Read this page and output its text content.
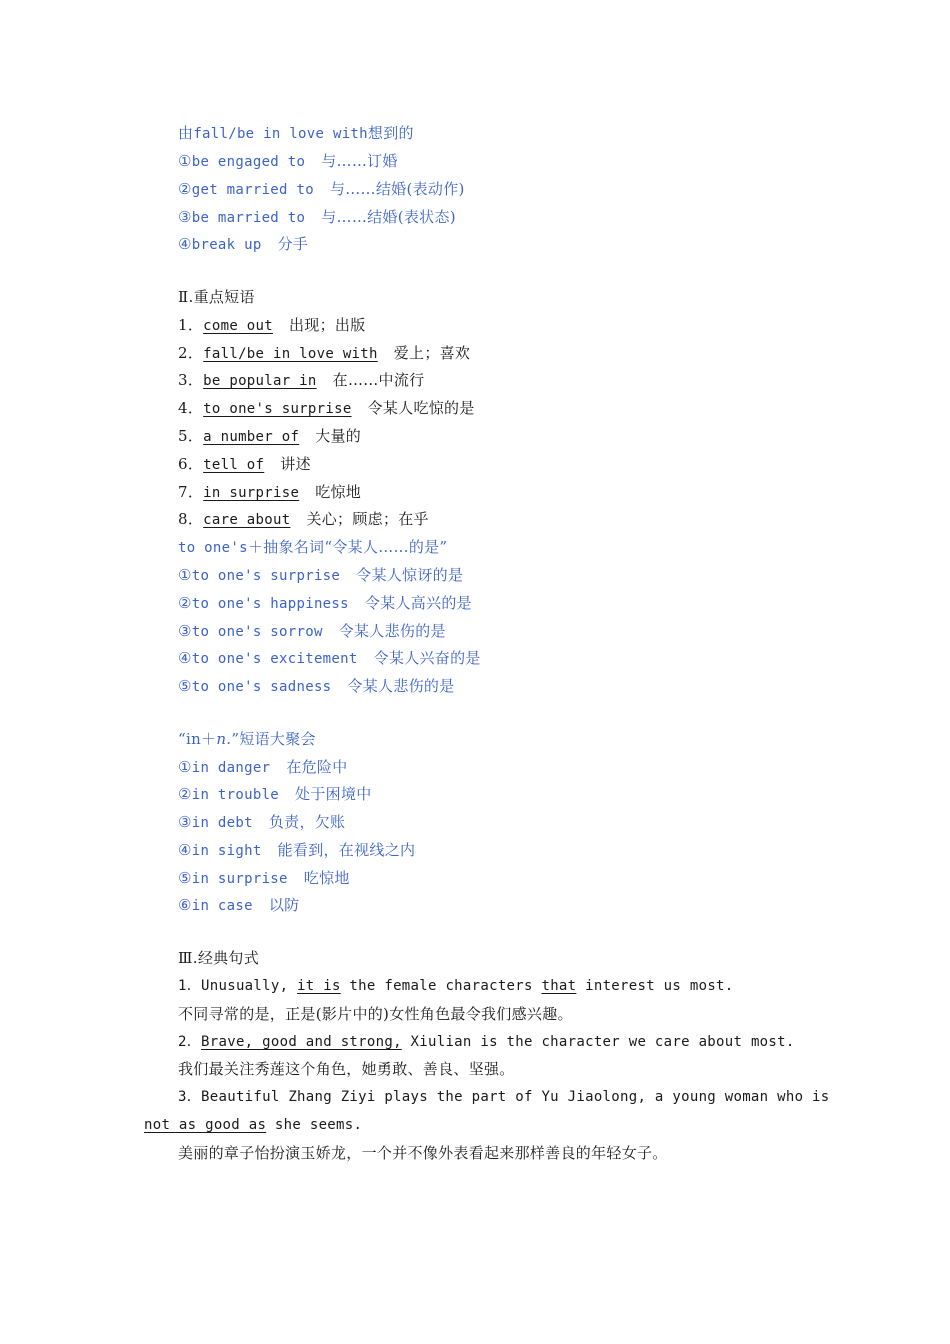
由fall/be in love with想到的
①be engaged to 与……订婚
②get married to 与……结婚(表动作)
③be married to 与……结婚(表状态)
④break up 分手
Ⅱ.重点短语
1．come out 出现；出版
2．fall/be in love with 爱上；喜欢
3．be popular in 在……中流行
4．to one's surprise 令某人吃惊的是
5．a number of 大量的
6．tell of 讲述
7．in surprise 吃惊地
8．care about 关心；顾虑；在乎
to one's＋抽象名词“令某人……的是”
①to one's surprise 令某人惊讶的是
②to one's happiness 令某人高兴的是
③to one's sorrow 令某人悲伤的是
④to one's excitement 令某人兴奋的是
⑤to one's sadness 令某人悲伤的是
“in＋n.”短语大聚会
①in danger 在危险中
②in trouble 处于困境中
③in debt 负责，欠账
④in sight 能看到，在视线之内
⑤in surprise 吃惊地
⑥in case 以防
Ⅲ.经典句式
1．Unusually, it is the female characters that interest us most.
不同寻常的是，正是(影片中的)女性角色最令我们感兴趣。
2．Brave, good and strong, Xiulian is the character we care about most.
我们最关注秀莲这个角色，她勇敢、善良、坚强。
3．Beautiful Zhang Ziyi plays the part of Yu Jiaolong, a young woman who is
not as good as she seems.
美丽的章子怡扮演玉娇龙，一个并不像外表看起来那样善良的年轻女子。
